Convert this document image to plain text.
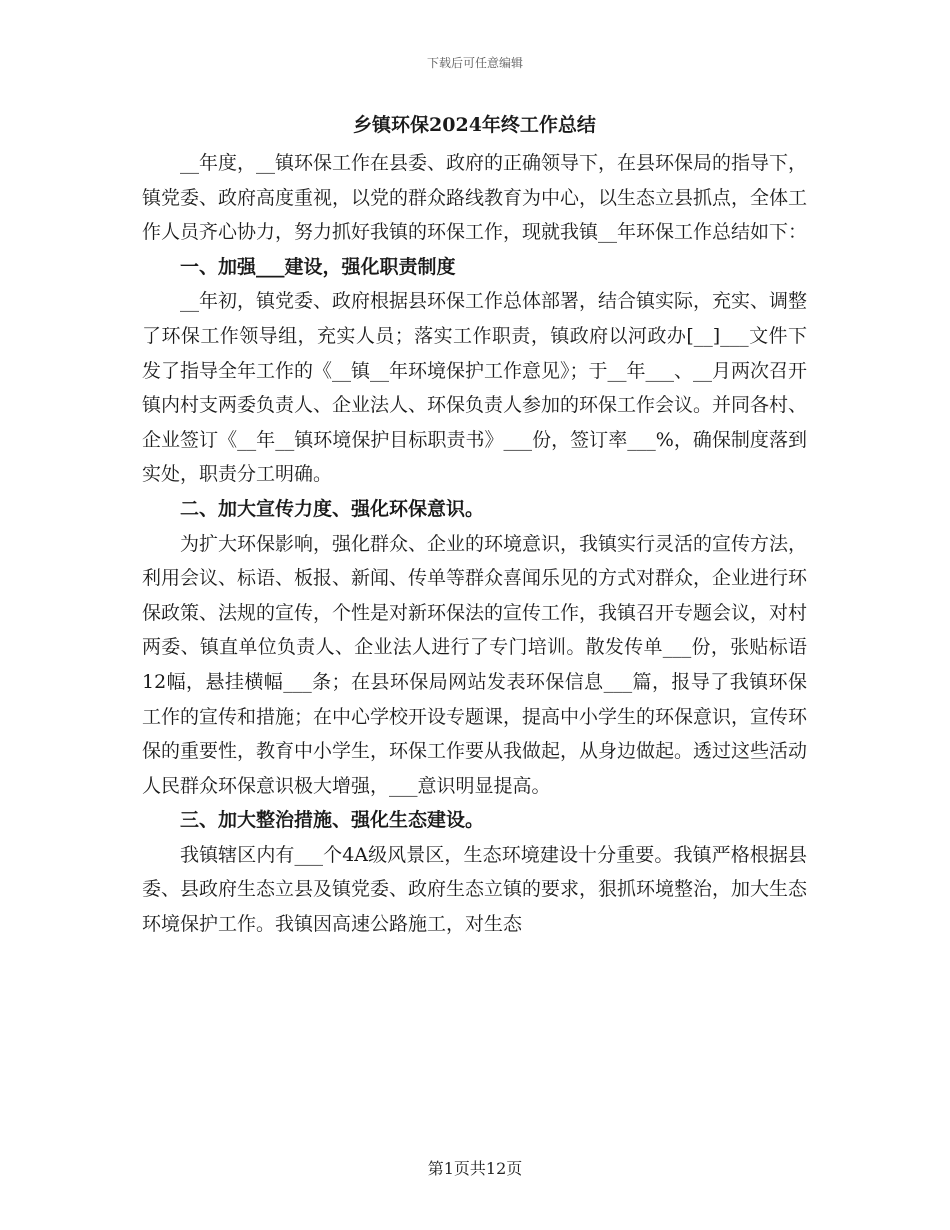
下载后可任意编辑
乡镇环保2024年终工作总结

__年度，__镇环保工作在县委、政府的正确领导下，在县环保局的指导下，镇党委、政府高度重视，以党的群众路线教育为中心，以生态立县抓点，全体工作人员齐心协力，努力抓好我镇的环保工作，现就我镇__年环保工作总结如下：

一、加强___建设，强化职责制度

__年初，镇党委、政府根据县环保工作总体部署，结合镇实际，充实、调整了环保工作领导组，充实人员；落实工作职责，镇政府以河政办[__]___文件下发了指导全年工作的《__镇__年环境保护工作意见》；于__年___、__月两次召开镇内村支两委负责人、企业法人、环保负责人参加的环保工作会议。并同各村、企业签订《__年__镇环境保护目标职责书》___份，签订率___%，确保制度落到实处，职责分工明确。

二、加大宣传力度、强化环保意识。

为扩大环保影响，强化群众、企业的环境意识，我镇实行灵活的宣传方法，利用会议、标语、板报、新闻、传单等群众喜闻乐见的方式对群众，企业进行环保政策、法规的宣传，个性是对新环保法的宣传工作，我镇召开专题会议，对村两委、镇直单位负责人、企业法人进行了专门培训。散发传单___份，张贴标语12幅，悬挂横幅___条；在县环保局网站发表环保信息___篇，报导了我镇环保工作的宣传和措施；在中心学校开设专题课，提高中小学生的环保意识，宣传环保的重要性，教育中小学生，环保工作要从我做起，从身边做起。透过这些活动人民群众环保意识极大增强，___意识明显提高。

三、加大整治措施、强化生态建设。

我镇辖区内有___个4A级风景区，生态环境建设十分重要。我镇严格根据县委、县政府生态立县及镇党委、政府生态立镇的要求，狠抓环境整治，加大生态环境保护工作。我镇因高速公路施工，对生态

第1页共12页
